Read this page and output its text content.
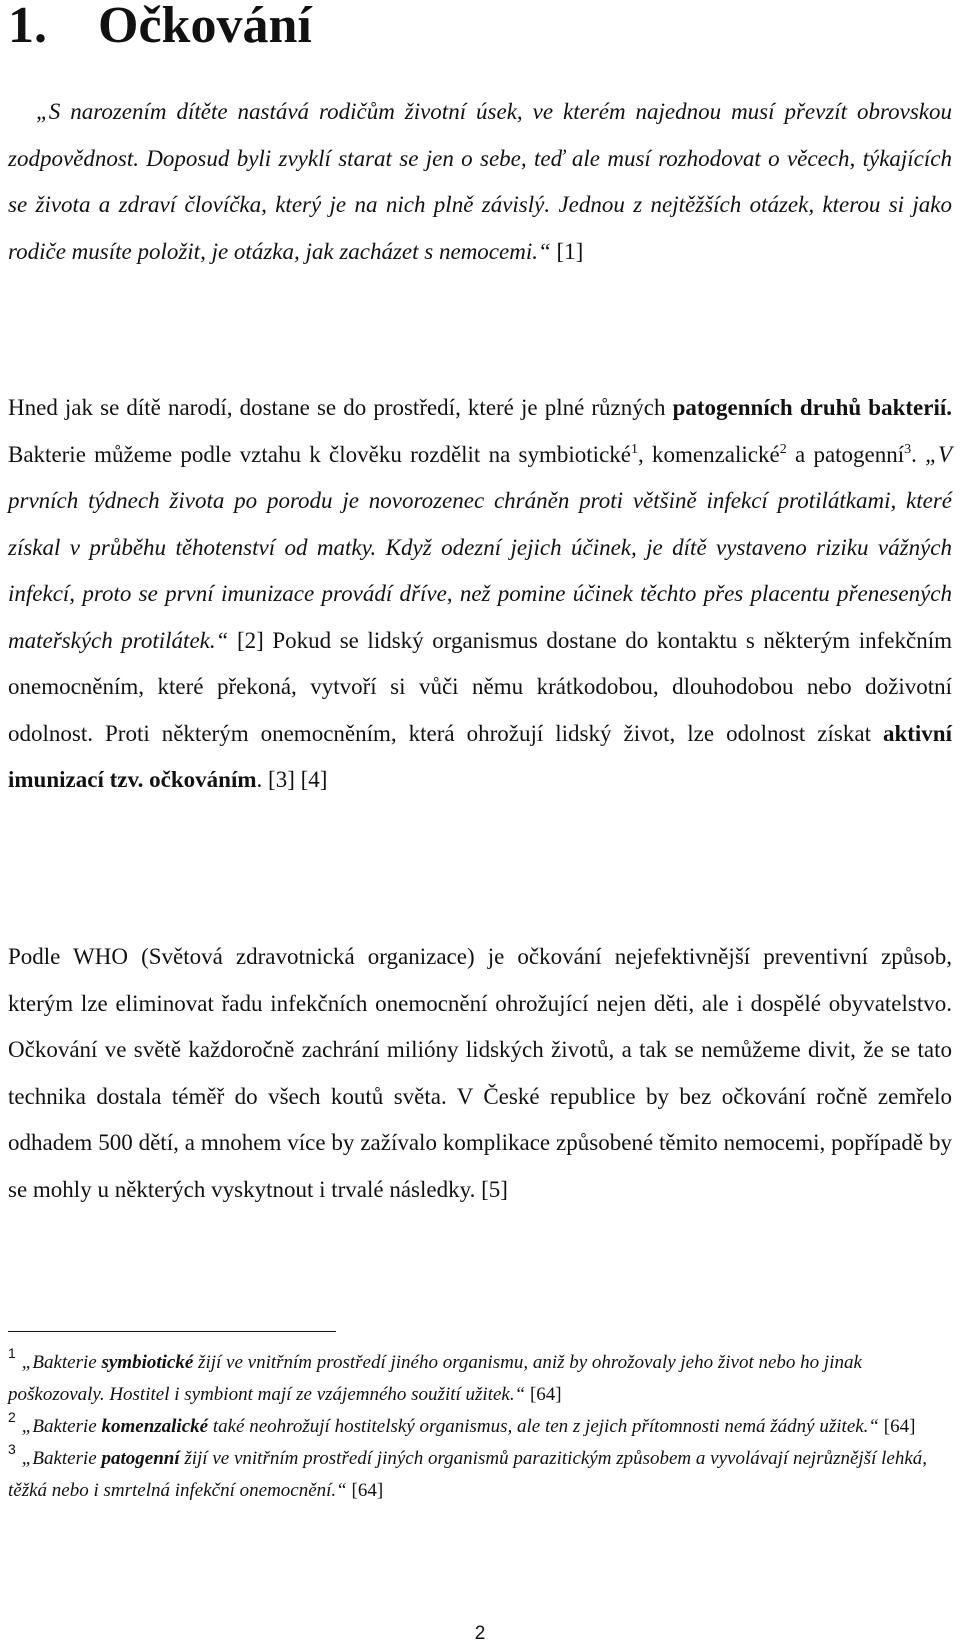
1. Očkování

„S narozením dítěte nastává rodičům životní úsek, ve kterém najednou musí převzít obrovskou zodpovědnost. Doposud byli zvyklí starat se jen o sebe, teď ale musí rozhodovat o věcech, týkajících se života a zdraví človíčka, který je na nich plně závislý. Jednou z nejtěžších otázek, kterou si jako rodiče musíte položit, je otázka, jak zacházet s nemocemi.“ [1]

Hned jak se dítě narodí, dostane se do prostředí, které je plné různých patogenních druhů bakterií. Bakterie můžeme podle vztahu k člověku rozdělit na symbiotické$^1$, komenzalické$^2$ a patogenní$^3$. „V prvních týdnech života po porodu je novorozenec chráněn proti většině infekcí protilátkami, které získal v průběhu těhotenství od matky. Když odezní jejich účinek, je dítě vystaveno riziku vážných infekcí, proto se první imunizace provádí dříve, než pomine účinek těchto přes placentu přenesených mateřských protilátek.“ [2] Pokud se lidský organismus dostane do kontaktu s některým infekčním onemocněním, které překoná, vytvoří si vůči němu krátkodobou, dlouhodobou nebo doživotní odolnost. Proti některým onemocněním, která ohrožují lidský život, lze odolnost získat aktivní imunizací tzv. očkováním. [3] [4]

Podle WHO (Světová zdravotnická organizace) je očkování nejefektivnější preventivní způsob, kterým lze eliminovat řadu infekčních onemocnění ohrožující nejen děti, ale i dospělé obyvatelstvo. Očkování ve světě každoročně zachrání milióny lidských životů, a tak se nemůžeme divit, že se tato technika dostala téměř do všech koutů světa. V České republice by bez očkování ročně zemřelo odhadem 500 dětí, a mnohem více by zažívalo komplikace způsobené těmito nemocemi, popřípadě by se mohly u některých vyskytnout i trvalé následky. [5]

$^1$ „Bakterie symbiotické žijí ve vnitřním prostředí jiného organismu, aniž by ohrožovaly jeho život nebo ho jinak poškozovaly. Hostitel i symbiont mají ze vzájemného soužití užitek.“ [64]

$^2$ „Bakterie komenzalické také neohrožují hostitelský organismus, ale ten z jejich přítomnosti nemá žádný užitek.“ [64]

$^3$ „Bakterie patogenní žijí ve vnitřním prostředí jiných organismů parazitickým způsobem a vyvolávají nejrůznější lehká, těžká nebo i smrtelná infekční onemocnění.“ [64]

2
